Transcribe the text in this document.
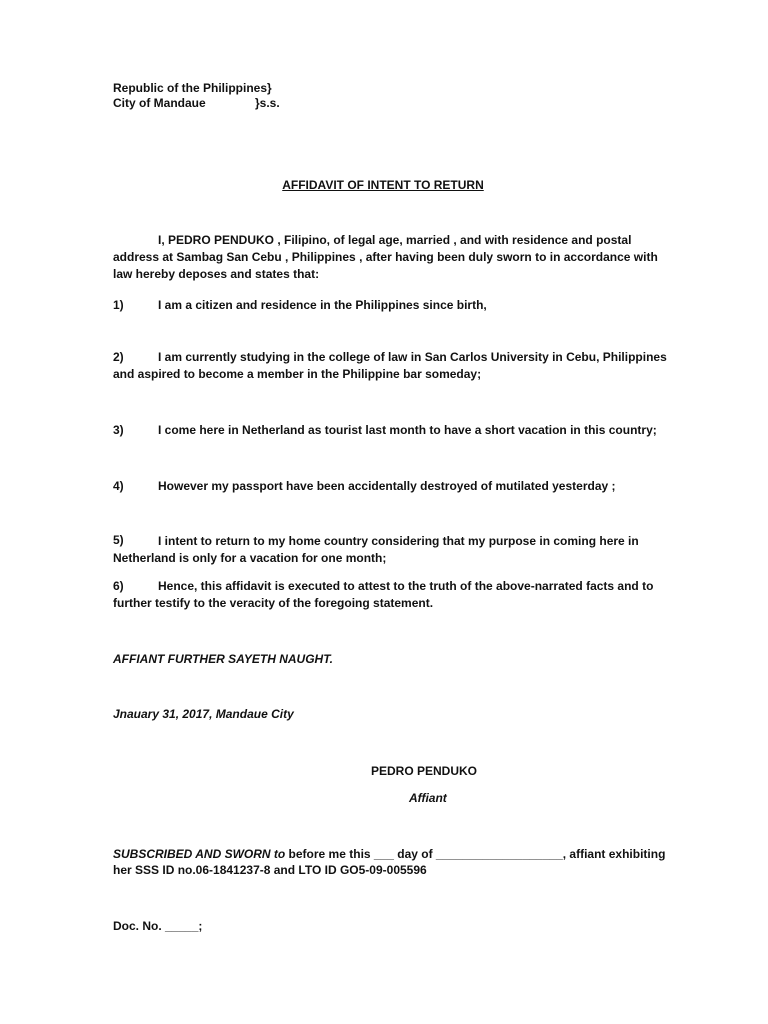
Republic of the Philippines}
City of Mandaue	}s.s.
AFFIDAVIT OF INTENT TO RETURN
I, PEDRO PENDUKO , Filipino, of legal age, married , and with residence and postal
address at Sambag San Cebu , Philippines , after having been duly sworn to in accordance with
law hereby deposes and states that:
1)	I am a citizen and residence in the Philippines since birth,
2)	I am currently studying in the college of law in San Carlos University in Cebu, Philippines
and aspired to become a member in the Philippine bar someday;
3)	I come here in Netherland as tourist last month to have a short vacation in this country;
4)	However my passport have been accidentally destroyed of mutilated yesterday ;
5)	I intent to return to my home country considering that my purpose in coming here in
Netherland is only for a vacation for one month;
6)	Hence, this affidavit is executed to attest to the truth of the above-narrated facts and to
further testify to the veracity of the foregoing statement.
AFFIANT FURTHER SAYETH NAUGHT.
Jnauary 31, 2017, Mandaue City
PEDRO PENDUKO
Affiant
SUBSCRIBED AND SWORN to before me this ___ day of ___________________, affiant exhibiting
her SSS ID no.06-1841237-8 and LTO ID GO5-09-005596
Doc. No. _____;
